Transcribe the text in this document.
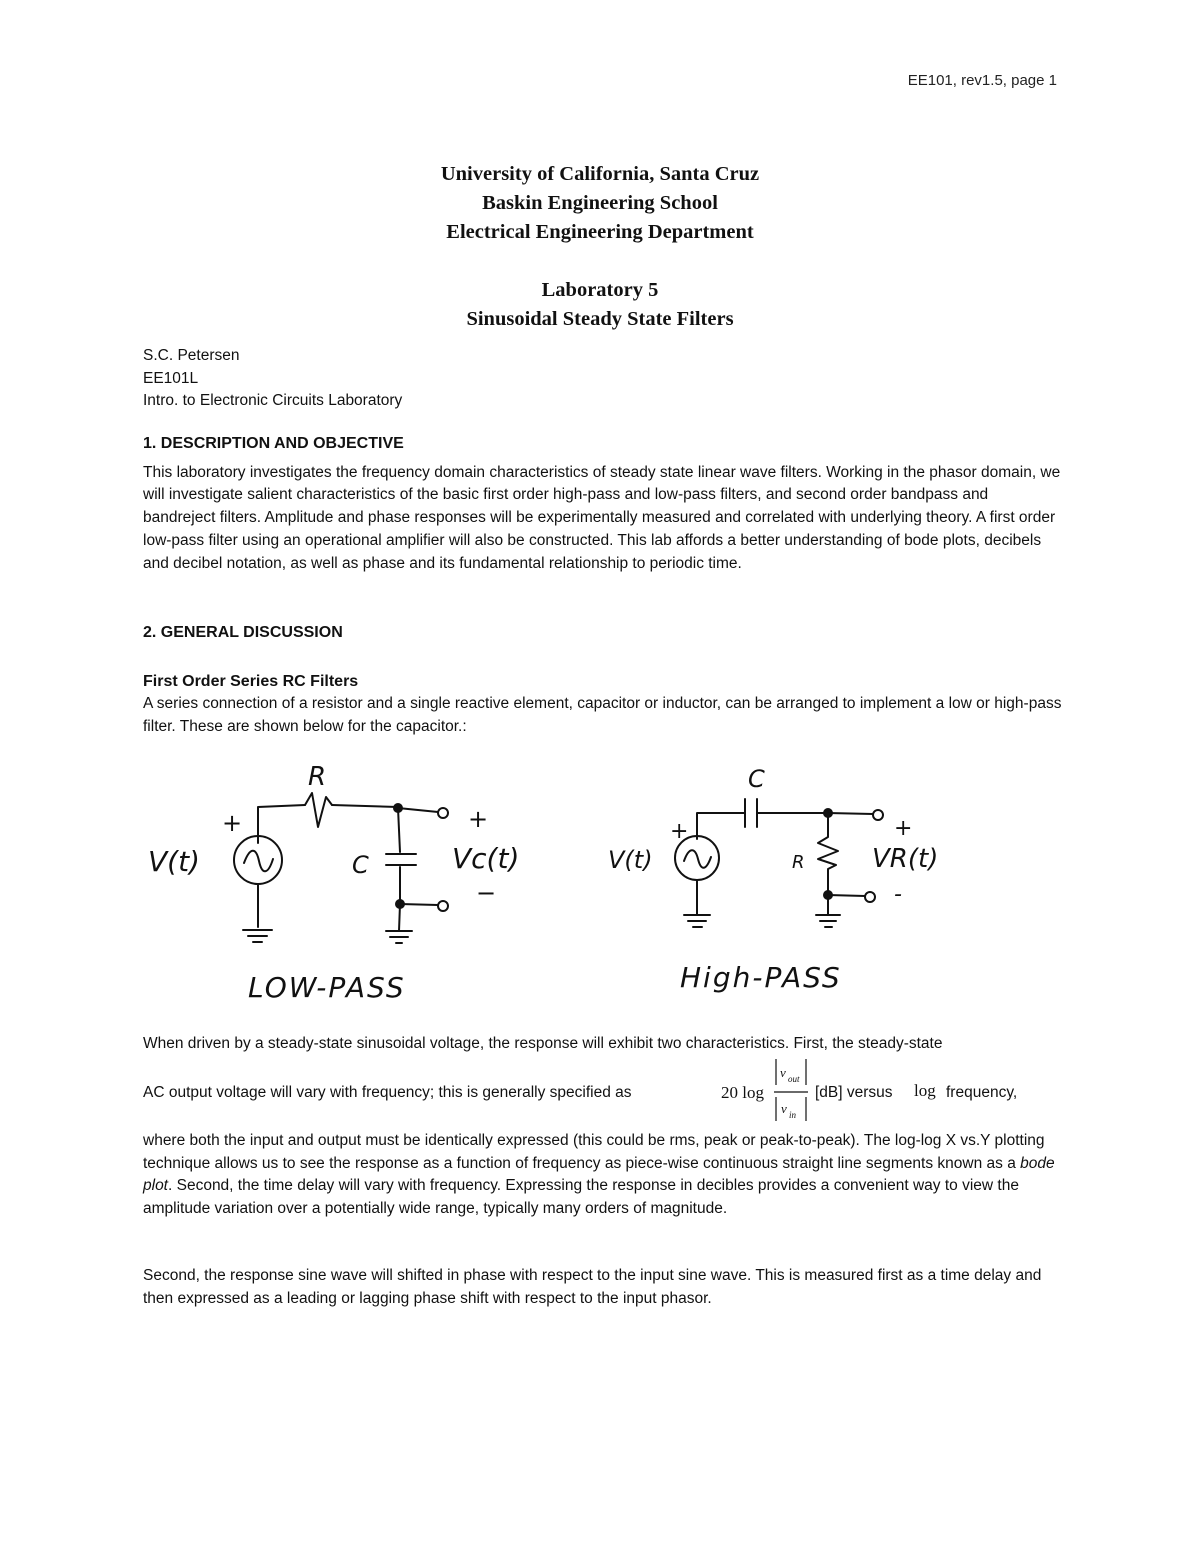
EE101, rev1.5, page 1
University of California, Santa Cruz
Baskin Engineering School
Electrical Engineering Department
Laboratory 5
Sinusoidal Steady State Filters
S.C. Petersen
EE101L
Intro. to Electronic Circuits Laboratory
1. DESCRIPTION AND OBJECTIVE

This laboratory investigates the frequency domain characteristics of steady state linear wave filters. Working in the phasor domain, we will investigate salient characteristics of the basic first order high-pass and low-pass filters, and second order bandpass and bandreject filters. Amplitude and phase responses will be experimentally measured and correlated with underlying theory. A first order low-pass filter using an operational amplifier will also be constructed. This lab affords a better understanding of bode plots, decibels and decibel notation, as well as phase and its fundamental relationship to periodic time.

2. GENERAL DISCUSSION
First Order Series RC Filters

A series connection of a resistor and a single reactive element, capacitor or inductor, can be arranged to implement a low or high-pass filter. These are shown below for the capacitor.:

R
+
V(t)	C
+
Vc(t)
−
LOW-PASS
C
+
V(t)	R
+
VR(t)
-
High-PASS

When driven by a steady-state sinusoidal voltage, the response will exhibit two characteristics. First, the steady-state

AC output voltage will vary with frequency; this is generally specified as	20 log
v out
v in
[dB] versus log frequency,

where both the input and output must be identically expressed (this could be rms, peak or peak-to-peak). The log-log X vs.Y plotting technique allows us to see the response as a function of frequency as piece-wise continuous straight line segments known as a bode plot. Second, the time delay will vary with frequency. Expressing the response in decibles provides a convenient way to view the amplitude variation over a potentially wide range, typically many orders of magnitude.

Second, the response sine wave will shifted in phase with respect to the input sine wave. This is measured first as a time delay and then expressed as a leading or lagging phase shift with respect to the input phasor.
